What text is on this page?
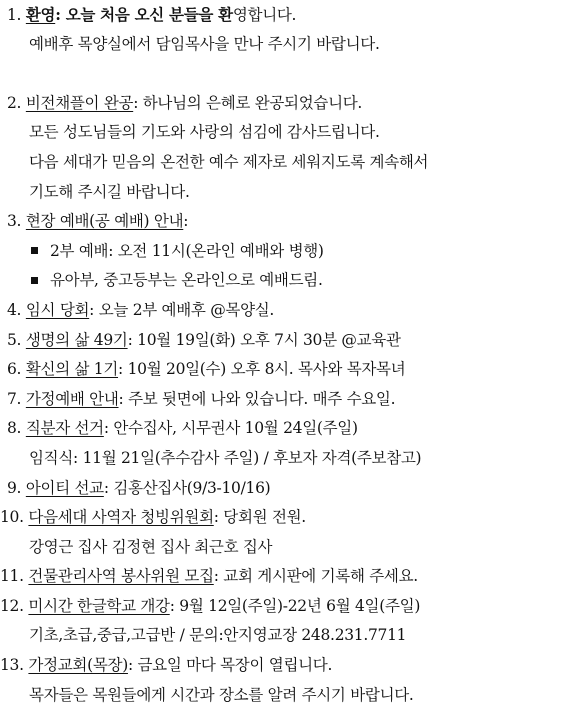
1. 환영: 오늘 처음 오신 분들을 환영합니다.
예배후 목양실에서 담임목사을 만나 주시기 바랍니다.
2. 비전채플이 완공: 하나님의 은혜로 완공되었습니다.
모든 성도님들의 기도와 사랑의 섬김에 감사드립니다.
다음 세대가 믿음의 온전한 예수 제자로 세워지도록 계속해서
기도해 주시길 바랍니다.
3. 현장 예배(공 예배) 안내:
2부 예배: 오전 11시(온라인 예배와 병행)
유아부, 중고등부는 온라인으로 예배드림.
4. 임시 당회: 오늘 2부 예배후 @목양실.
5. 생명의 삶 49기: 10월 19일(화) 오후 7시 30분 @교육관
6. 확신의 삶 1기: 10월 20일(수) 오후 8시. 목사와 목자목녀
7. 가정예배 안내: 주보 뒷면에 나와 있습니다. 매주 수요일.
8. 직분자 선거: 안수집사, 시무권사 10월 24일(주일)
임직식: 11월 21일(추수감사 주일) / 후보자 자격(주보참고)
9. 아이티 선교: 김홍산집사(9/3-10/16)
10. 다음세대 사역자 청빙위원회: 당회원 전원.
강영근 집사 김정현 집사 최근호 집사
11. 건물관리사역 봉사위원 모집: 교회 게시판에 기록해 주세요.
12. 미시간 한글학교 개강: 9월 12일(주일)-22년 6월 4일(주일)
기초,초급,중급,고급반 / 문의:안지영교장 248.231.7711
13. 가정교회(목장): 금요일 마다 목장이 열립니다.
목자들은 목원들에게 시간과 장소를 알려 주시기 바랍니다.
